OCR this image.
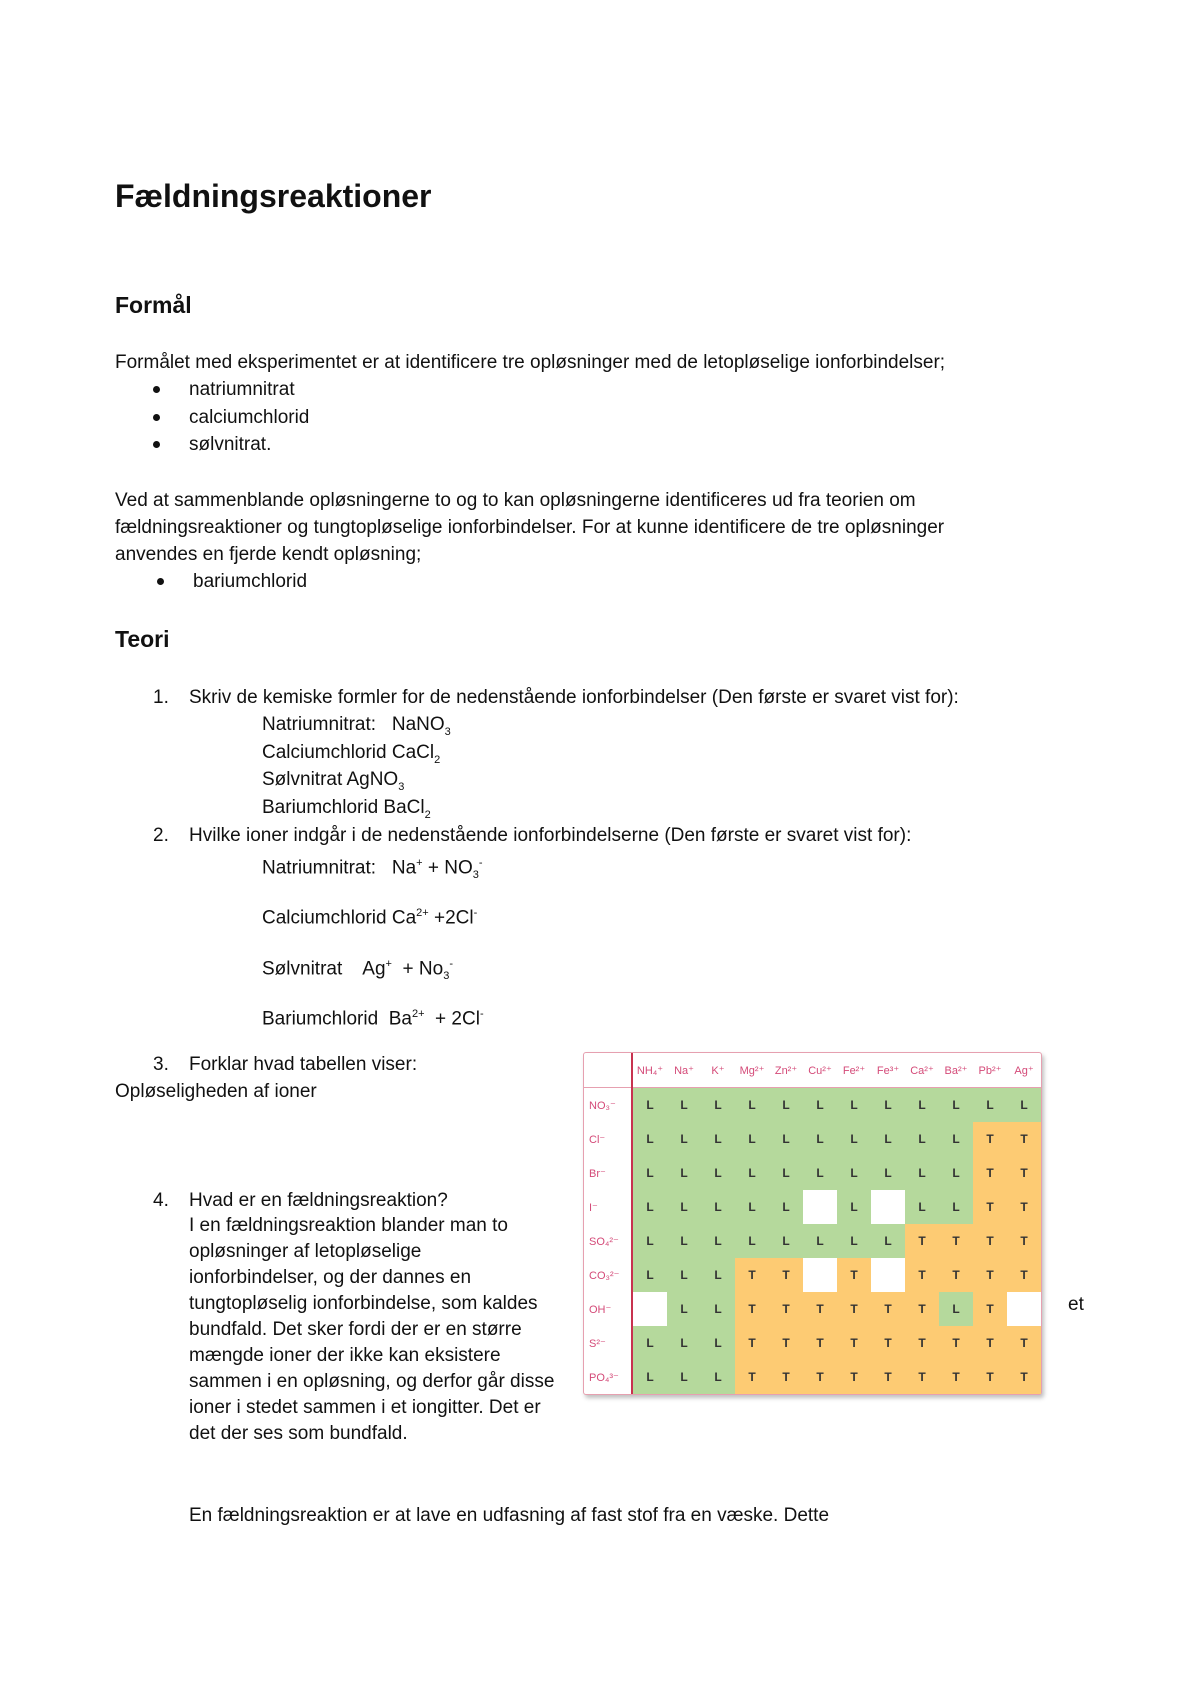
Fældningsreaktioner
Formål
Formålet med eksperimentet er at identificere tre opløsninger med de letopløselige ionforbindelser;
natriumnitrat
calciumchlorid
sølvnitrat.
Ved at sammenblande opløsningerne to og to kan opløsningerne identificeres ud fra teorien om
fældningsreaktioner og tungtopløselige ionforbindelser. For at kunne identificere de tre opløsninger
anvendes en fjerde kendt opløsning;
bariumchlorid
Teori
1. Skriv de kemiske formler for de nedenstående ionforbindelser (Den første er svaret vist for):
Natriumnitrat:   NaNO$_3$
Calciumchlorid CaCl$_2$
Sølvnitrat AgNO$_3$
Bariumchlorid BaCl$_2$
2. Hvilke ioner indgår i de nedenstående ionforbindelserne (Den første er svaret vist for):
Natriumnitrat:   $Na^+ + NO_3^-$
Calciumchlorid $Ca^{2+} +2Cl^-$
Sølvnitrat    $Ag^+ + No_3^-$
Bariumchlorid  $Ba^{2+} + 2Cl^-$
3. Forklar hvad tabellen viser:
Opløseligheden af ioner
4. Hvad er en fældningsreaktion?
I en fældningsreaktion blander man to
opløsninger af letopløselige
ionforbindelser, og der dannes en
tungtopløselig ionforbindelse, som kaldes
bundfald. Det sker fordi der er en større
mængde ioner der ikke kan eksistere
sammen i en opløsning, og derfor går disse
ioner i stedet sammen i et iongitter. Det er
det der ses som bundfald.
et
	NH₄⁺	Na⁺	K⁺	Mg²⁺	Zn²⁺	Cu²⁺	Fe²⁺	Fe³⁺	Ca²⁺	Ba²⁺	Pb²⁺	Ag⁺
NO₃⁻	L	L	L	L	L	L	L	L	L	L	L	L
Cl⁻	L	L	L	L	L	L	L	L	L	L	T	T
Br⁻	L	L	L	L	L	L	L	L	L	L	T	T
I⁻	L	L	L	L	L		L		L	L	T	T
SO₄²⁻	L	L	L	L	L	L	L	L	T	T	T	T
CO₃²⁻	L	L	L	T	T		T		T	T	T	T
OH⁻		L	L	T	T	T	T	T	T	L	T	
S²⁻	L	L	L	T	T	T	T	T	T	T	T	T
PO₄³⁻	L	L	L	T	T	T	T	T	T	T	T	T
En fældningsreaktion er at lave en udfasning af fast stof fra en væske. Dette
